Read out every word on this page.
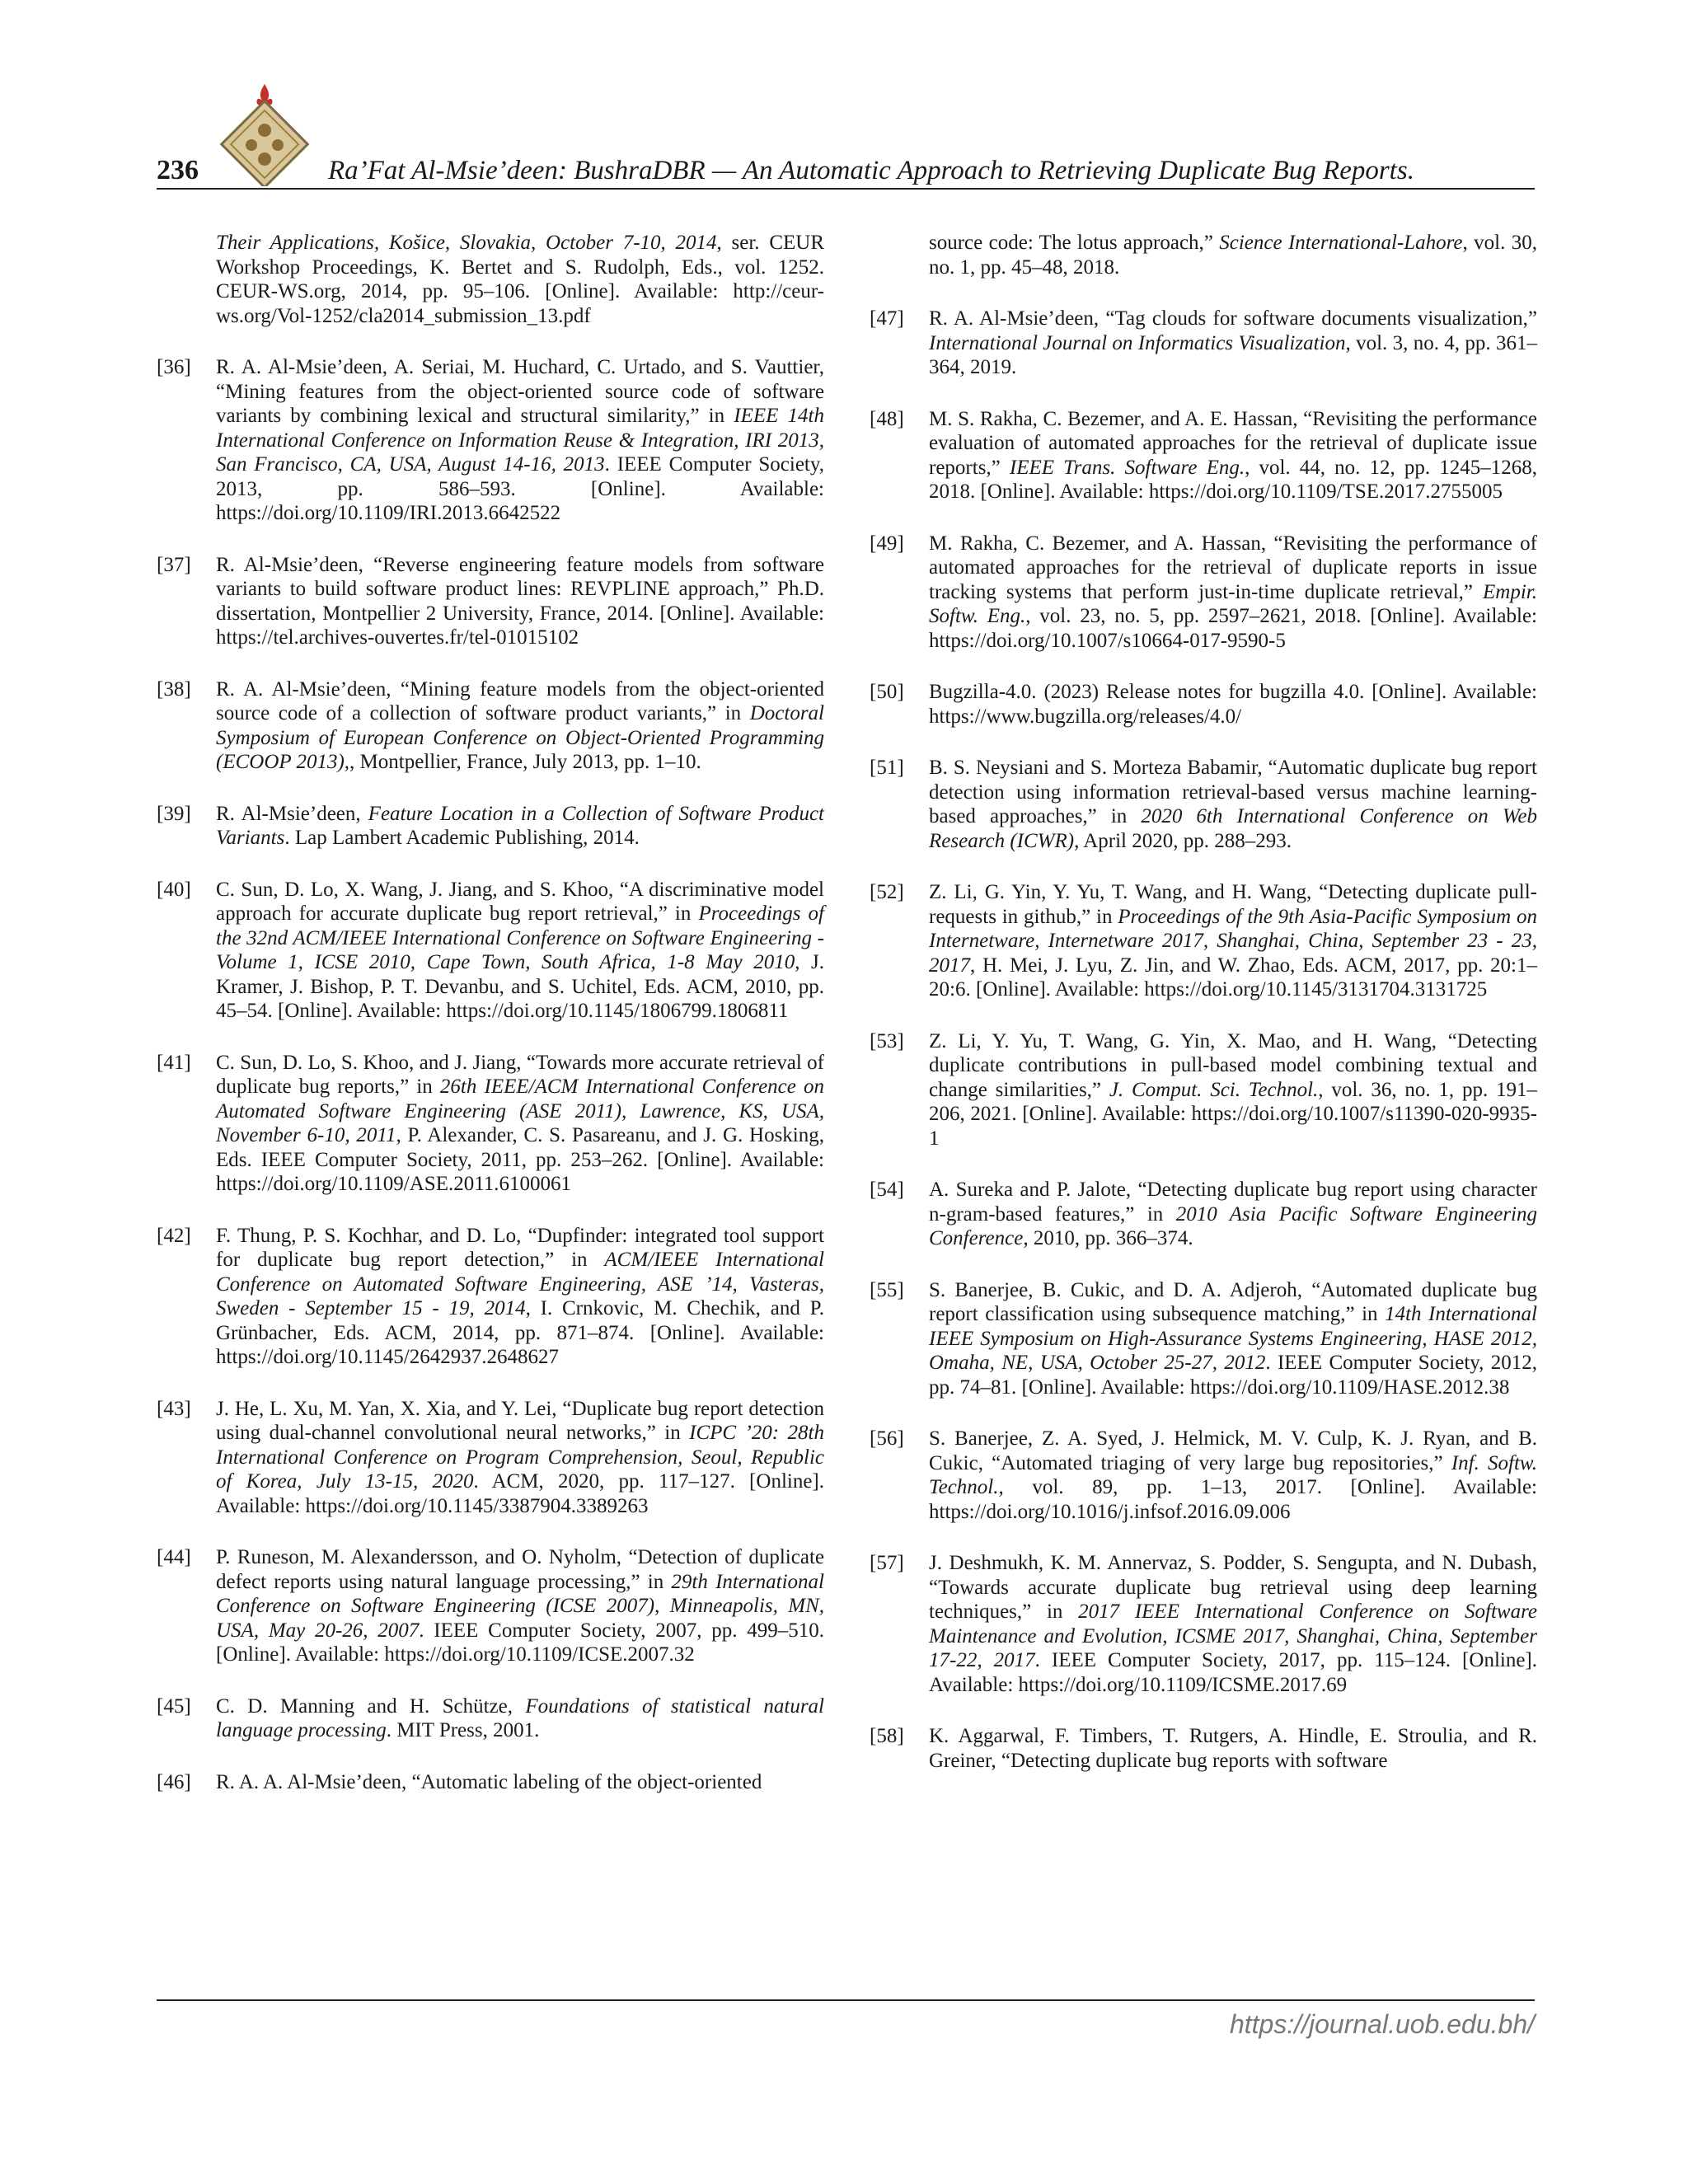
236	Ra’Fat Al-Msie’deen: BushraDBR — An Automatic Approach to Retrieving Duplicate Bug Reports.
Their Applications, Košice, Slovakia, October 7-10, 2014, ser. CEUR Workshop Proceedings, K. Bertet and S. Rudolph, Eds., vol. 1252. CEUR-WS.org, 2014, pp. 95–106. [Online]. Available: http://ceur-ws.org/Vol-1252/cla2014_submission_13.pdf
[36]	R. A. Al-Msie’deen, A. Seriai, M. Huchard, C. Urtado, and S. Vauttier, “Mining features from the object-oriented source code of software variants by combining lexical and structural similarity,” in IEEE 14th International Conference on Information Reuse & Integration, IRI 2013, San Francisco, CA, USA, August 14-16, 2013. IEEE Computer Society, 2013, pp. 586–593. [Online]. Available: https://doi.org/10.1109/IRI.2013.6642522
[37]	R. Al-Msie’deen, “Reverse engineering feature models from software variants to build software product lines: REVPLINE approach,” Ph.D. dissertation, Montpellier 2 University, France, 2014. [Online]. Available: https://tel.archives-ouvertes.fr/tel-01015102
[38]	R. A. Al-Msie’deen, “Mining feature models from the object-oriented source code of a collection of software product variants,” in Doctoral Symposium of European Conference on Object-Oriented Programming (ECOOP 2013),, Montpellier, France, July 2013, pp. 1–10.
[39]	R. Al-Msie’deen, Feature Location in a Collection of Software Product Variants. Lap Lambert Academic Publishing, 2014.
[40]	C. Sun, D. Lo, X. Wang, J. Jiang, and S. Khoo, “A discriminative model approach for accurate duplicate bug report retrieval,” in Proceedings of the 32nd ACM/IEEE International Conference on Software Engineering - Volume 1, ICSE 2010, Cape Town, South Africa, 1-8 May 2010, J. Kramer, J. Bishop, P. T. Devanbu, and S. Uchitel, Eds. ACM, 2010, pp. 45–54. [Online]. Available: https://doi.org/10.1145/1806799.1806811
[41]	C. Sun, D. Lo, S. Khoo, and J. Jiang, “Towards more accurate retrieval of duplicate bug reports,” in 26th IEEE/ACM International Conference on Automated Software Engineering (ASE 2011), Lawrence, KS, USA, November 6-10, 2011, P. Alexander, C. S. Pasareanu, and J. G. Hosking, Eds. IEEE Computer Society, 2011, pp. 253–262. [Online]. Available: https://doi.org/10.1109/ASE.2011.6100061
[42]	F. Thung, P. S. Kochhar, and D. Lo, “Dupfinder: integrated tool support for duplicate bug report detection,” in ACM/IEEE International Conference on Automated Software Engineering, ASE ’14, Vasteras, Sweden - September 15 - 19, 2014, I. Crnkovic, M. Chechik, and P. Grünbacher, Eds. ACM, 2014, pp. 871–874. [Online]. Available: https://doi.org/10.1145/2642937.2648627
[43]	J. He, L. Xu, M. Yan, X. Xia, and Y. Lei, “Duplicate bug report detection using dual-channel convolutional neural networks,” in ICPC ’20: 28th International Conference on Program Comprehension, Seoul, Republic of Korea, July 13-15, 2020. ACM, 2020, pp. 117–127. [Online]. Available: https://doi.org/10.1145/3387904.3389263
[44]	P. Runeson, M. Alexandersson, and O. Nyholm, “Detection of duplicate defect reports using natural language processing,” in 29th International Conference on Software Engineering (ICSE 2007), Minneapolis, MN, USA, May 20-26, 2007. IEEE Computer Society, 2007, pp. 499–510. [Online]. Available: https://doi.org/10.1109/ICSE.2007.32
[45]	C. D. Manning and H. Schütze, Foundations of statistical natural language processing. MIT Press, 2001.
[46]	R. A. A. Al-Msie’deen, “Automatic labeling of the object-oriented
source code: The lotus approach,” Science International-Lahore, vol. 30, no. 1, pp. 45–48, 2018.
[47]	R. A. Al-Msie’deen, “Tag clouds for software documents visualization,” International Journal on Informatics Visualization, vol. 3, no. 4, pp. 361–364, 2019.
[48]	M. S. Rakha, C. Bezemer, and A. E. Hassan, “Revisiting the performance evaluation of automated approaches for the retrieval of duplicate issue reports,” IEEE Trans. Software Eng., vol. 44, no. 12, pp. 1245–1268, 2018. [Online]. Available: https://doi.org/10.1109/TSE.2017.2755005
[49]	M. Rakha, C. Bezemer, and A. Hassan, “Revisiting the performance of automated approaches for the retrieval of duplicate reports in issue tracking systems that perform just-in-time duplicate retrieval,” Empir. Softw. Eng., vol. 23, no. 5, pp. 2597–2621, 2018. [Online]. Available: https://doi.org/10.1007/s10664-017-9590-5
[50]	Bugzilla-4.0. (2023) Release notes for bugzilla 4.0. [Online]. Available: https://www.bugzilla.org/releases/4.0/
[51]	B. S. Neysiani and S. Morteza Babamir, “Automatic duplicate bug report detection using information retrieval-based versus machine learning-based approaches,” in 2020 6th International Conference on Web Research (ICWR), April 2020, pp. 288–293.
[52]	Z. Li, G. Yin, Y. Yu, T. Wang, and H. Wang, “Detecting duplicate pull-requests in github,” in Proceedings of the 9th Asia-Pacific Symposium on Internetware, Internetware 2017, Shanghai, China, September 23 - 23, 2017, H. Mei, J. Lyu, Z. Jin, and W. Zhao, Eds. ACM, 2017, pp. 20:1–20:6. [Online]. Available: https://doi.org/10.1145/3131704.3131725
[53]	Z. Li, Y. Yu, T. Wang, G. Yin, X. Mao, and H. Wang, “Detecting duplicate contributions in pull-based model combining textual and change similarities,” J. Comput. Sci. Technol., vol. 36, no. 1, pp. 191–206, 2021. [Online]. Available: https://doi.org/10.1007/s11390-020-9935-1
[54]	A. Sureka and P. Jalote, “Detecting duplicate bug report using character n-gram-based features,” in 2010 Asia Pacific Software Engineering Conference, 2010, pp. 366–374.
[55]	S. Banerjee, B. Cukic, and D. A. Adjeroh, “Automated duplicate bug report classification using subsequence matching,” in 14th International IEEE Symposium on High-Assurance Systems Engineering, HASE 2012, Omaha, NE, USA, October 25-27, 2012. IEEE Computer Society, 2012, pp. 74–81. [Online]. Available: https://doi.org/10.1109/HASE.2012.38
[56]	S. Banerjee, Z. A. Syed, J. Helmick, M. V. Culp, K. J. Ryan, and B. Cukic, “Automated triaging of very large bug repositories,” Inf. Softw. Technol., vol. 89, pp. 1–13, 2017. [Online]. Available: https://doi.org/10.1016/j.infsof.2016.09.006
[57]	J. Deshmukh, K. M. Annervaz, S. Podder, S. Sengupta, and N. Dubash, “Towards accurate duplicate bug retrieval using deep learning techniques,” in 2017 IEEE International Conference on Software Maintenance and Evolution, ICSME 2017, Shanghai, China, September 17-22, 2017. IEEE Computer Society, 2017, pp. 115–124. [Online]. Available: https://doi.org/10.1109/ICSME.2017.69
[58]	K. Aggarwal, F. Timbers, T. Rutgers, A. Hindle, E. Stroulia, and R. Greiner, “Detecting duplicate bug reports with software
https://journal.uob.edu.bh/
